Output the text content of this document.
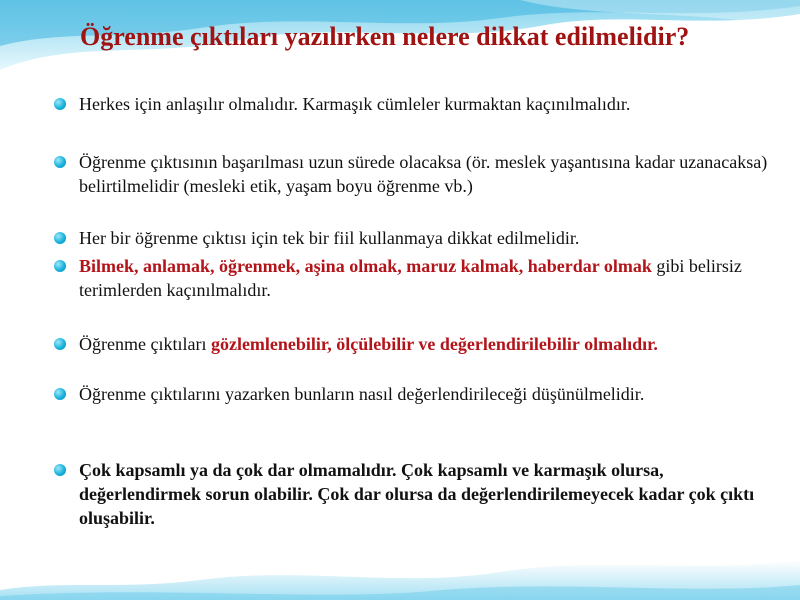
Öğrenme çıktıları yazılırken nelere dikkat edilmelidir?
Herkes için anlaşılır olmalıdır. Karmaşık cümleler kurmaktan kaçınılmalıdır.
Öğrenme çıktısının başarılması uzun sürede olacaksa (ör. meslek yaşantısına kadar uzanacaksa) belirtilmelidir (mesleki etik, yaşam boyu öğrenme vb.)
Her bir öğrenme çıktısı için tek bir fiil kullanmaya dikkat edilmelidir.
Bilmek, anlamak, öğrenmek, aşina olmak, maruz kalmak, haberdar olmak gibi belirsiz terimlerden kaçınılmalıdır.
Öğrenme çıktıları gözlemlenebilir, ölçülebilir ve değerlendirilebilir olmalıdır.
Öğrenme çıktılarını yazarken bunların nasıl değerlendirileceği düşünülmelidir.
Çok kapsamlı ya da çok dar olmamalıdır. Çok kapsamlı ve karmaşık olursa, değerlendirmek sorun olabilir. Çok dar olursa da değerlendirilemeyecek kadar çok çıktı oluşabilir.
